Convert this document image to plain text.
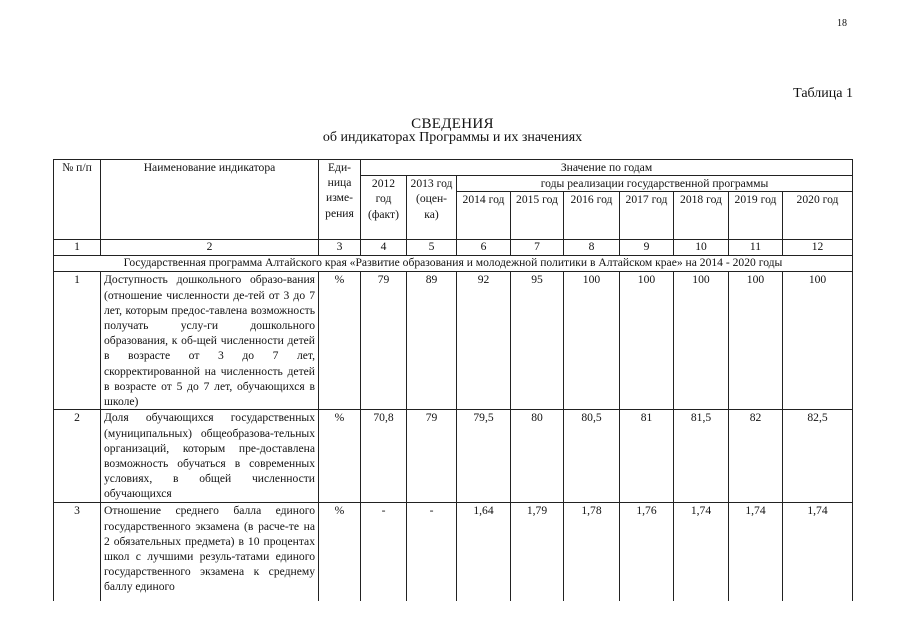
18
Таблица 1
СВЕДЕНИЯ
об индикаторах Программы и их значениях
№ п/п	Наименование индикатора	Еди-ница изме-рения	Значение по годам								
			2012 год (факт)	2013 год (оцен-ка)	годы реализации государственной программы						
					2014 год	2015 год	2016 год	2017 год	2018 год	2019 год	2020 год
1	2	3	4	5	6	7	8	9	10	11	12
Государственная программа Алтайского края «Развитие образования и молодежной политики в Алтайском крае» на 2014 - 2020 годы											
1	Доступность дошкольного образо-вания (отношение численности де-тей от 3 до 7 лет, которым предос-тавлена возможность получать услу-ги дошкольного образования, к об-щей численности детей в возрасте от 3 до 7 лет, скорректированной на численность детей в возрасте от 5 до 7 лет, обучающихся в школе)	%	79	89	92	95	100	100	100	100	100
2	Доля обучающихся государственных (муниципальных) общеобразова-тельных организаций, которым пре-доставлена возможность обучаться в современных условиях, в общей численности обучающихся	%	70,8	79	79,5	80	80,5	81	81,5	82	82,5
3	Отношение среднего балла единого государственного экзамена (в расче-те на 2 обязательных предмета) в 10 процентах школ с лучшими резуль-татами единого государственного экзамена к среднему баллу единого	%	-	-	1,64	1,79	1,78	1,76	1,74	1,74	1,74
